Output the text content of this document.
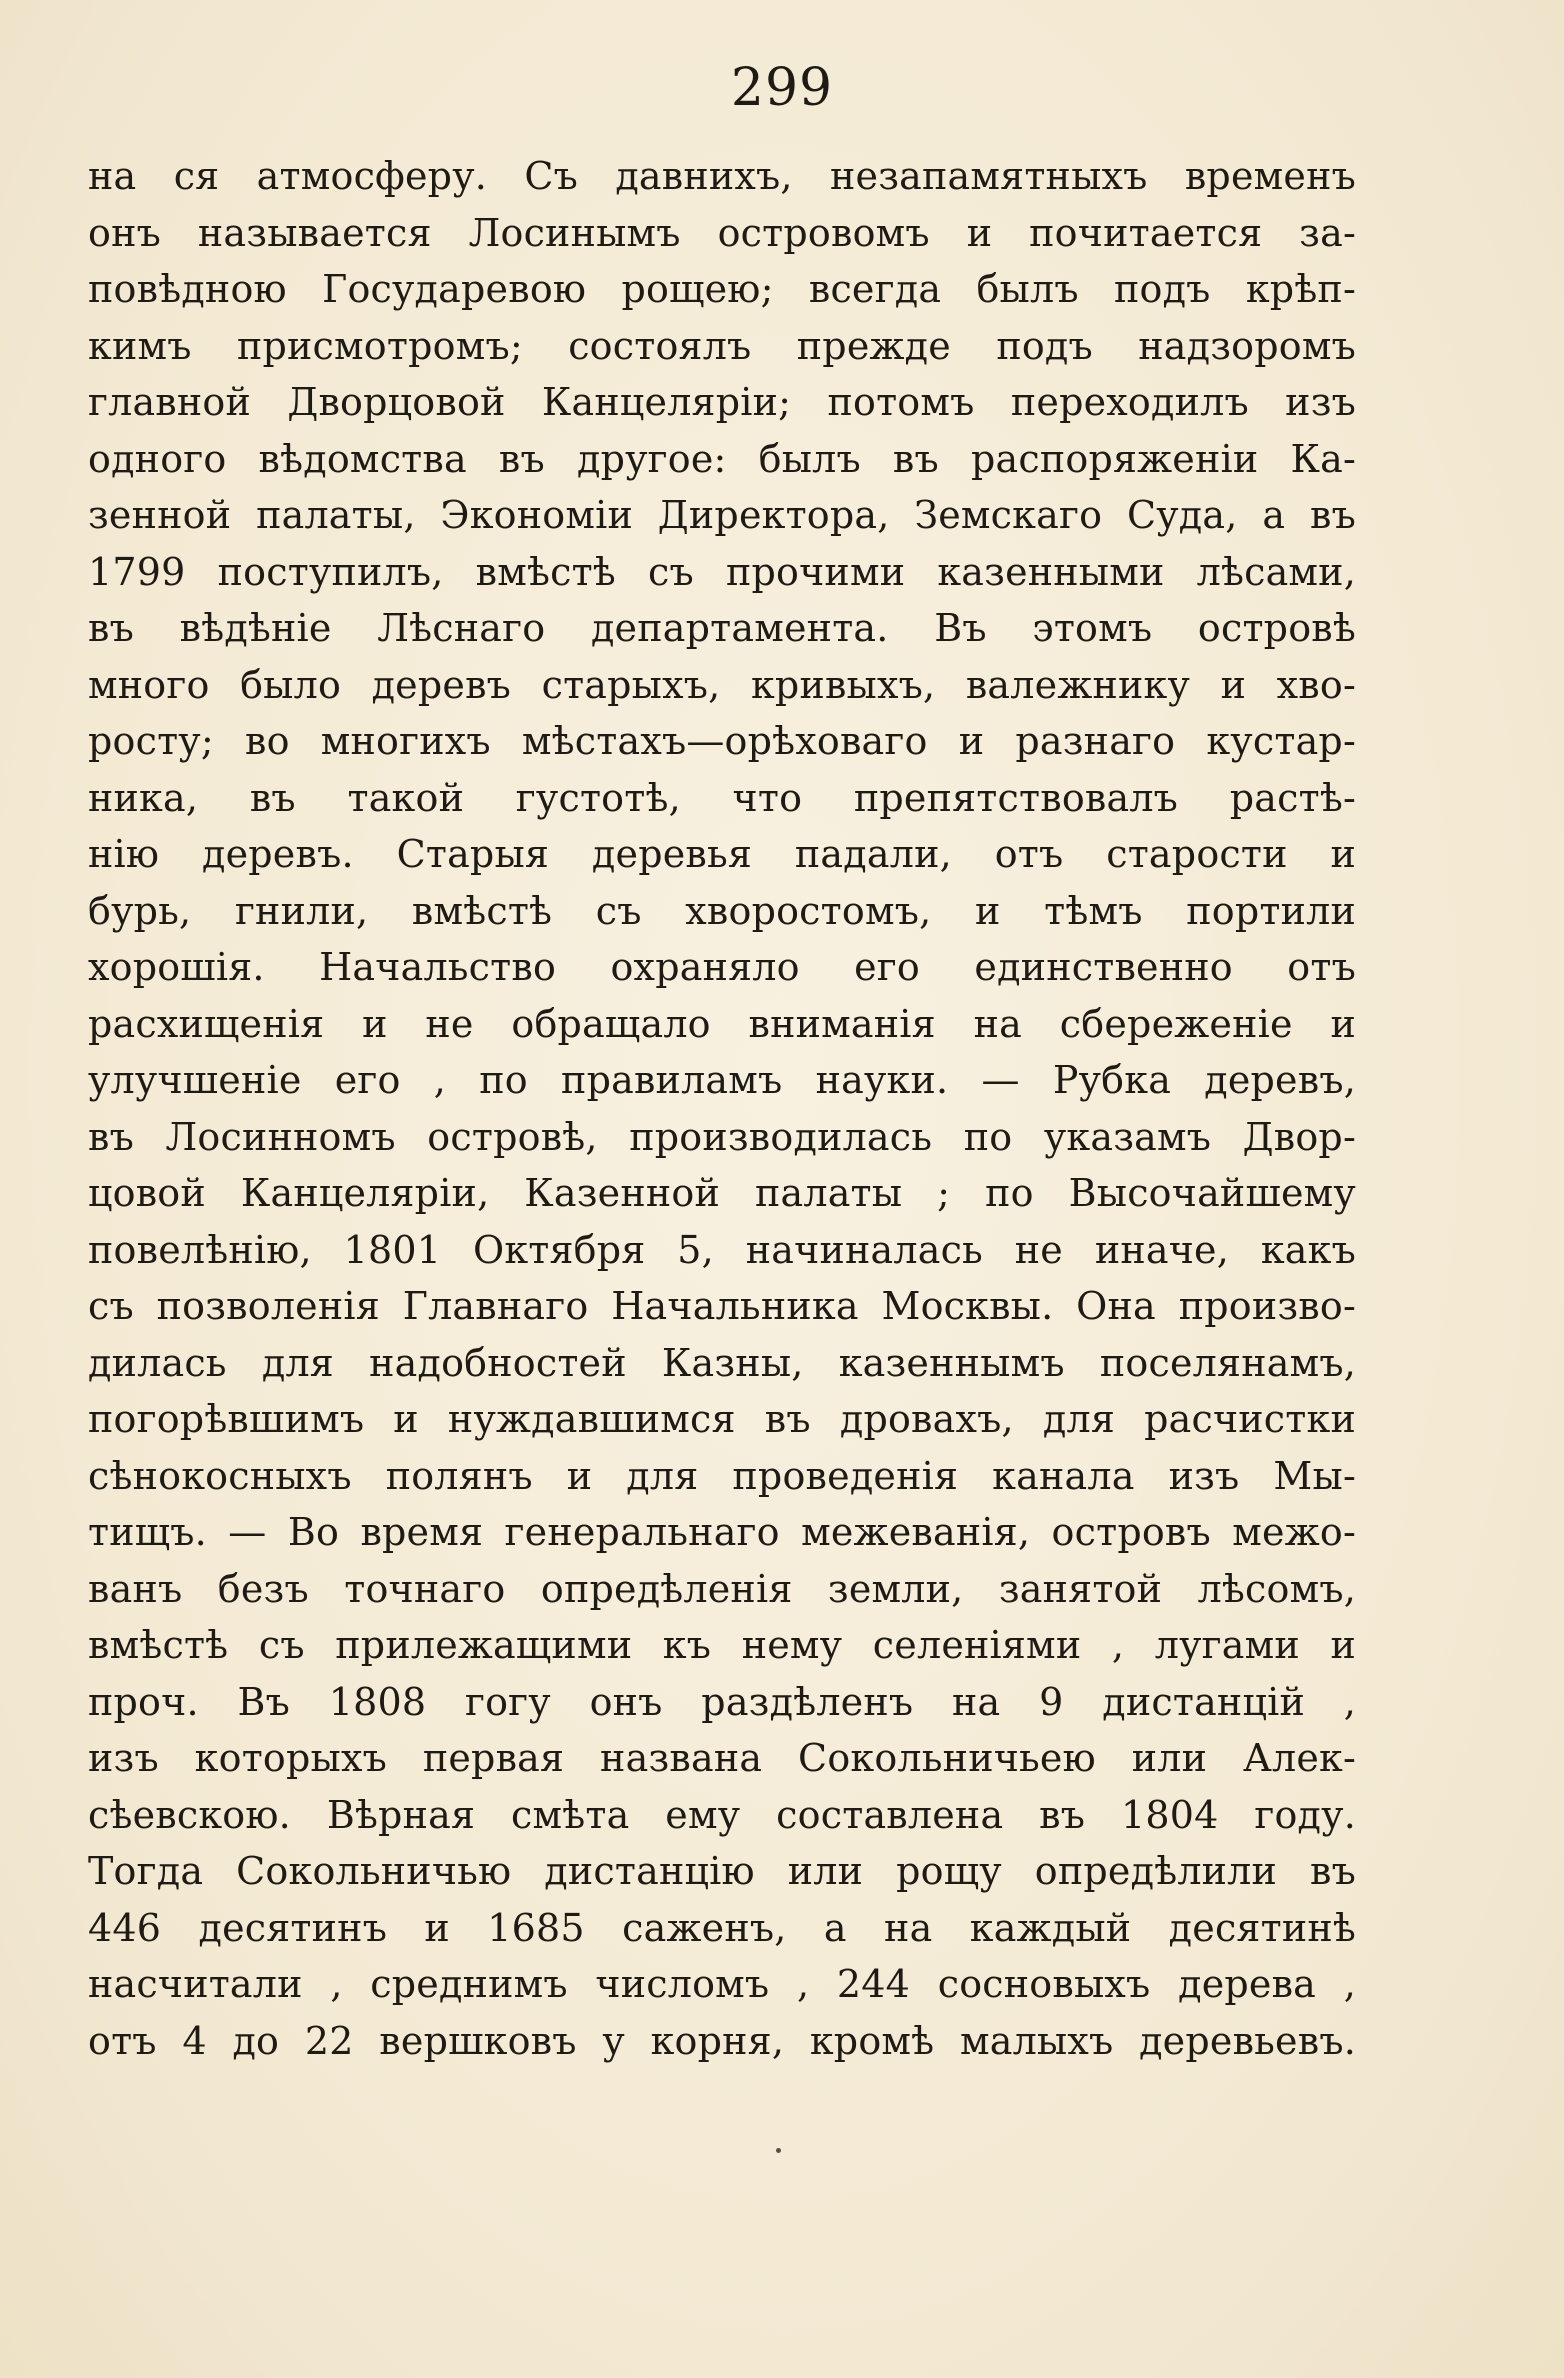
299
на ся атмосферу. Съ давнихъ, незапамятныхъ временъ
онъ называется Лосинымъ островомъ и почитается за-
повѣдною Государевою рощею; всегда былъ подъ крѣп-
кимъ присмотромъ; состоялъ прежде подъ надзоромъ
главной Дворцовой Канцеляріи; потомъ переходилъ изъ
одного вѣдомства въ другое: былъ въ распоряженіи Ка-
зенной палаты, Экономіи Директора, Земскаго Суда, а въ
1799 поступилъ, вмѣстѣ съ прочими казенными лѣсами,
въ вѣдѣніе Лѣснаго департамента. Въ этомъ островѣ
много было деревъ старыхъ, кривыхъ, валежнику и хво-
росту; во многихъ мѣстахъ—орѣховаго и разнаго кустар-
ника, въ такой густотѣ, что препятствовалъ растѣ-
нію деревъ. Старыя деревья падали, отъ старости и
бурь, гнили, вмѣстѣ съ хворостомъ, и тѣмъ портили
хорошія. Начальство охраняло его единственно отъ
расхищенія и не обращало вниманія на сбереженіе и
улучшеніе его , по правиламъ науки. — Рубка деревъ,
въ Лосинномъ островѣ, производилась по указамъ Двор-
цовой Канцеляріи, Казенной палаты ; по Высочайшему
повелѣнію, 1801 Октября 5, начиналась не иначе, какъ
съ позволенія Главнаго Начальника Москвы. Она произво-
дилась для надобностей Казны, казеннымъ поселянамъ,
погорѣвшимъ и нуждавшимся въ дровахъ, для расчистки
сѣнокосныхъ полянъ и для проведенія канала изъ Мы-
тищъ. — Во время генеральнаго межеванія, островъ межо-
ванъ безъ точнаго опредѣленія земли, занятой лѣсомъ,
вмѣстѣ съ прилежащими къ нему селеніями , лугами и
проч. Въ 1808 гогу онъ раздѣленъ на 9 дистанцій ,
изъ которыхъ первая названа Сокольничьею или Алек-
сѣевскою. Вѣрная смѣта ему составлена въ 1804 году.
Тогда Сокольничью дистанцію или рощу опредѣлили въ
446 десятинъ и 1685 саженъ, а на каждый десятинѣ
насчитали , среднимъ числомъ , 244 сосновыхъ дерева ,
отъ 4 до 22 вершковъ у корня, кромѣ малыхъ деревьевъ.
